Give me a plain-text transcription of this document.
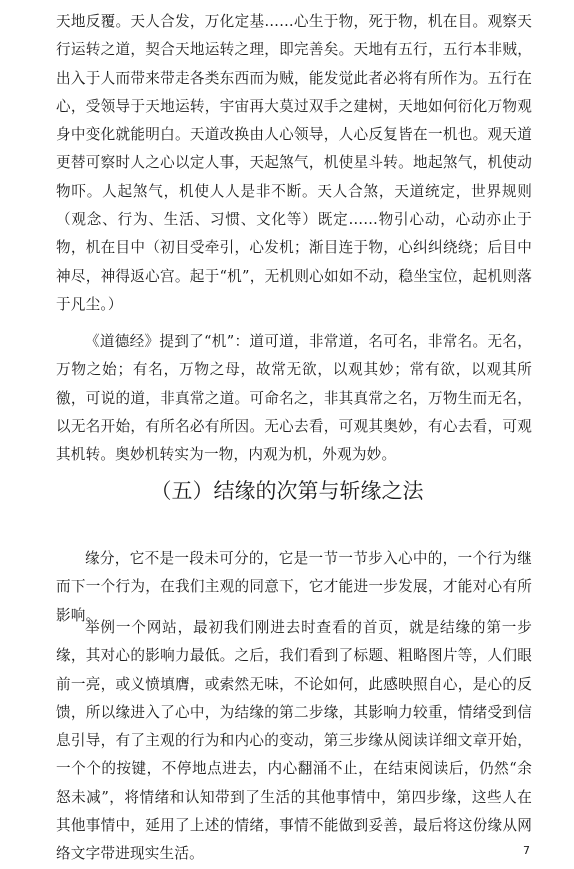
天地反覆。天人合发，万化定基……心生于物，死于物，机在目。观察天行运转之道，契合天地运转之理，即完善矣。天地有五行，五行本非贼，出入于人而带来带走各类东西而为贼，能发觉此者必将有所作为。五行在心，受领导于天地运转，宇宙再大莫过双手之建树，天地如何衍化万物观身中变化就能明白。天道改换由人心领导，人心反复皆在一机也。观天道更替可察时人之心以定人事，天起煞气，机使星斗转。地起煞气，机使动物吓。人起煞气，机使人人是非不断。天人合煞，天道统定，世界规则（观念、行为、生活、习惯、文化等）既定……物引心动，心动亦止于物，机在目中（初目受牵引，心发机；渐目连于物，心纠纠绕绕；后目中神尽，神得返心宫。起于“机”，无机则心如如不动，稳坐宝位，起机则落于凡尘。）

《道德经》提到了“机”：道可道，非常道，名可名，非常名。无名，万物之始；有名，万物之母，故常无欲，以观其妙；常有欲，以观其所徼，可说的道，非真常之道。可命名之，非其真常之名，万物生而无名，以无名开始，有所名必有所因。无心去看，可观其奥妙，有心去看，可观其机转。奥妙机转实为一物，内观为机，外观为妙。

（五）结缘的次第与斩缘之法

缘分，它不是一段未可分的，它是一节一节步入心中的，一个行为继而下一个行为，在我们主观的同意下，它才能进一步发展，才能对心有所影响。

举例一个网站，最初我们刚进去时查看的首页，就是结缘的第一步缘，其对心的影响力最低。之后，我们看到了标题、粗略图片等，人们眼前一亮，或义愤填膺，或索然无味，不论如何，此感映照自心，是心的反馈，所以缘进入了心中，为结缘的第二步缘，其影响力较重，情绪受到信息引导，有了主观的行为和内心的变动，第三步缘从阅读详细文章开始，一个个的按键，不停地点进去，内心翻涌不止，在结束阅读后，仍然“余怒未减”，将情绪和认知带到了生活的其他事情中，第四步缘，这些人在其他事情中，延用了上述的情绪，事情不能做到妥善，最后将这份缘从网络文字带进现实生活。	7
